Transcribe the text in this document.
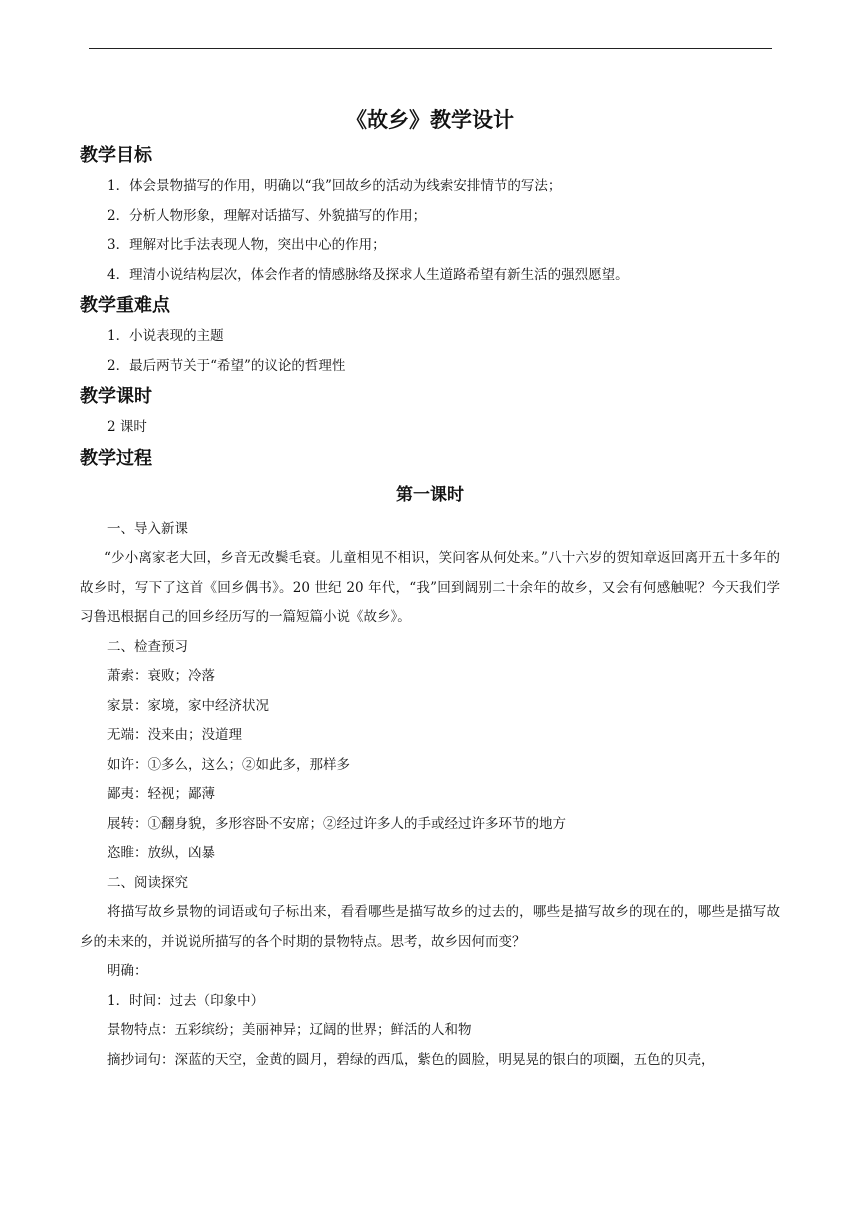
《故乡》教学设计
教学目标

1．体会景物描写的作用，明确以“我”回故乡的活动为线索安排情节的写法；

2．分析人物形象，理解对话描写、外貌描写的作用；

3．理解对比手法表现人物，突出中心的作用；

4．理清小说结构层次，体会作者的情感脉络及探求人生道路希望有新生活的强烈愿望。

教学重难点

1．小说表现的主题

2．最后两节关于“希望”的议论的哲理性

教学课时

2 课时

教学过程
第一课时

一、导入新课

“少小离家老大回，乡音无改鬓毛衰。儿童相见不相识，笑问客从何处来。”八十六岁的贺知章返回离开五十多年的故乡时，写下了这首《回乡偶书》。20 世纪 20 年代，“我”回到阔别二十余年的故乡，又会有何感触呢？今天我们学习鲁迅根据自己的回乡经历写的一篇短篇小说《故乡》。

二、检查预习

萧索：衰败；冷落

家景：家境，家中经济状况

无端：没来由；没道理

如许：①多么，这么；②如此多，那样多

鄙夷：轻视；鄙薄

展转：①翻身貌，多形容卧不安席；②经过许多人的手或经过许多环节的地方

恣睢：放纵，凶暴

二、阅读探究

将描写故乡景物的词语或句子标出来，看看哪些是描写故乡的过去的，哪些是描写故乡的现在的，哪些是描写故乡的未来的，并说说所描写的各个时期的景物特点。思考，故乡因何而变？

明确：

1．时间：过去（印象中）

景物特点：五彩缤纷；美丽神异；辽阔的世界；鲜活的人和物

摘抄词句：深蓝的天空，金黄的圆月，碧绿的西瓜，紫色的圆脸，明晃晃的银白的项圈，五色的贝壳，
